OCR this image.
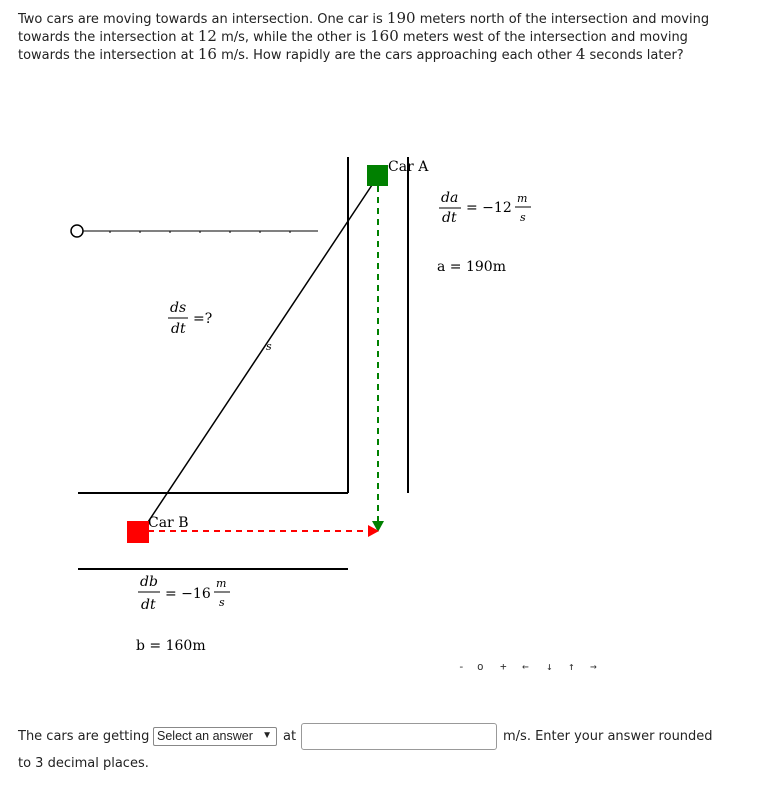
Two cars are moving towards an intersection. One car is 190 meters north of the intersection and moving towards the intersection at 12 m/s, while the other is 160 meters west of the intersection and moving towards the intersection at 16 m/s. How rapidly are the cars approaching each other 4 seconds later?
Car A
Car B
s
ds
dt
=?
da
dt
= −12
m
s
a = 190m
db
dt
= −16
m
s
b = 160m
- o + ← ↓ ↑ →
The cars are getting Select an answer ▼ at	m/s. Enter your answer rounded
to 3 decimal places.
